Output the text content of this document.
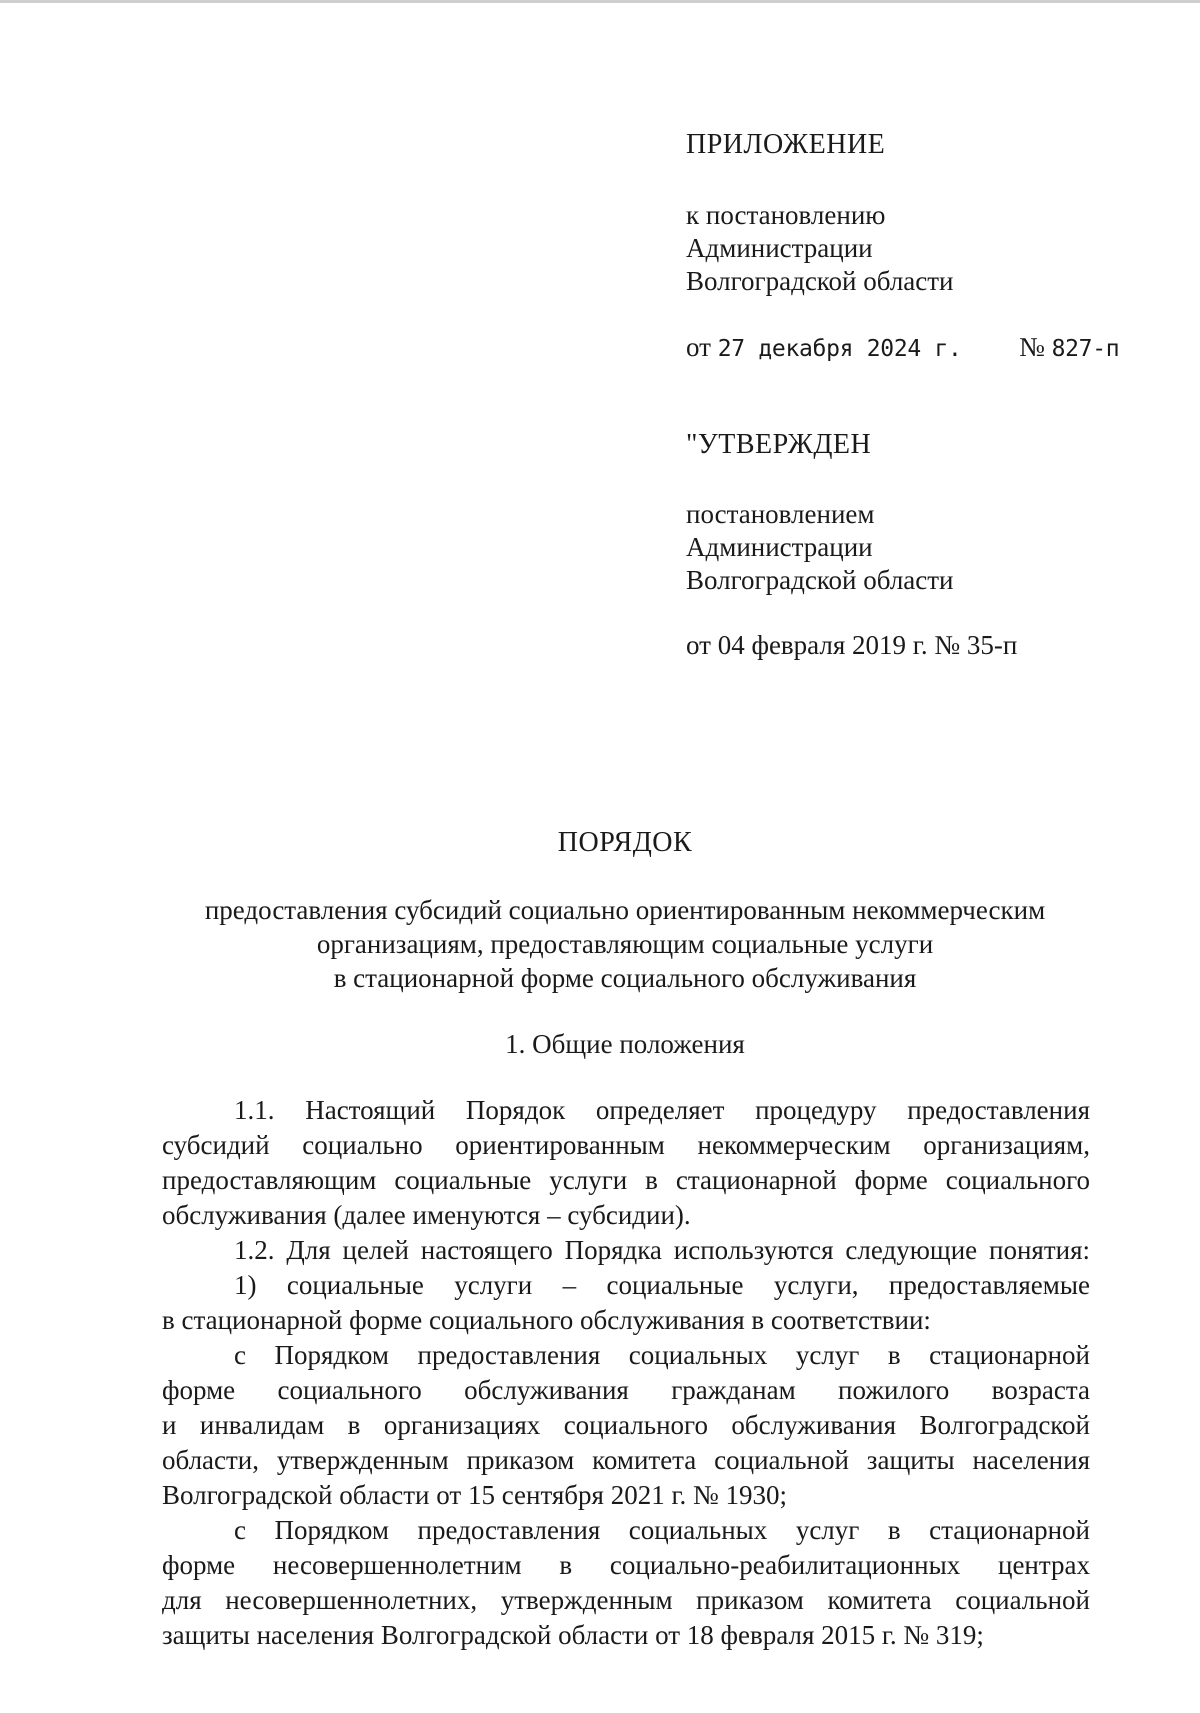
ПРИЛОЖЕНИЕ
к постановлению
Администрации
Волгоградской области
от 27 декабря 2024 г. № 827-п
"УТВЕРЖДЕН
постановлением
Администрации
Волгоградской области
от 04 февраля 2019 г. № 35-п
ПОРЯДОК
предоставления субсидий социально ориентированным некоммерческим
организациям, предоставляющим социальные услуги
в стационарной форме социального обслуживания
1. Общие положения
1.1. Настоящий Порядок определяет процедуру предоставления
субсидий социально ориентированным некоммерческим организациям,
предоставляющим социальные услуги в стационарной форме социального
обслуживания (далее именуются – субсидии).
1.2. Для целей настоящего Порядка используются следующие понятия:
1) социальные услуги – социальные услуги, предоставляемые
в стационарной форме социального обслуживания в соответствии:
с Порядком предоставления социальных услуг в стационарной
форме социального обслуживания гражданам пожилого возраста
и инвалидам в организациях социального обслуживания Волгоградской
области, утвержденным приказом комитета социальной защиты населения
Волгоградской области от 15 сентября 2021 г. № 1930;
с Порядком предоставления социальных услуг в стационарной
форме несовершеннолетним в социально-реабилитационных центрах
для несовершеннолетних, утвержденным приказом комитета социальной
защиты населения Волгоградской области от 18 февраля 2015 г. № 319;
